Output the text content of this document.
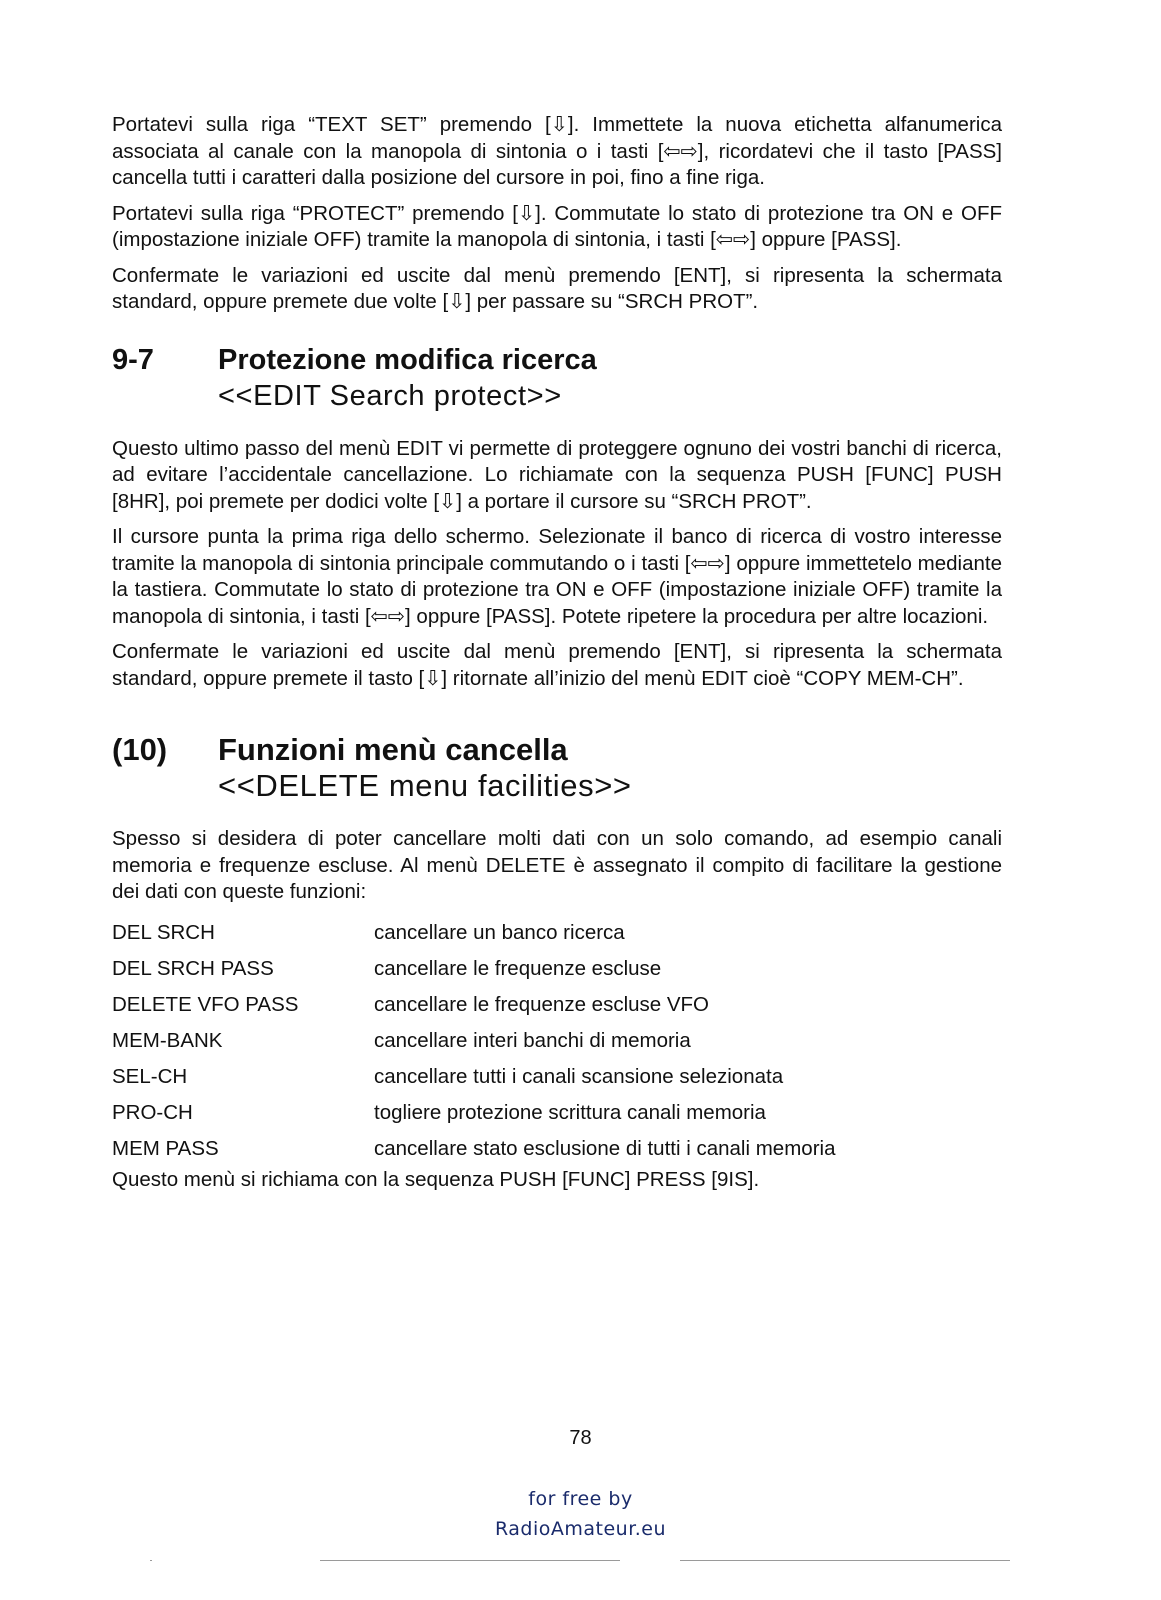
Portatevi sulla riga “TEXT SET” premendo [⇩]. Immettete la nuova etichetta alfanumerica associata al canale con la manopola di sintonia o i tasti [⇦⇨], ricordatevi che il tasto [PASS] cancella tutti i caratteri dalla posizione del cursore in poi, fino a fine riga.

Portatevi sulla riga “PROTECT” premendo [⇩]. Commutate lo stato di protezione tra ON e OFF (impostazione iniziale OFF) tramite la manopola di sintonia, i tasti [⇦⇨] oppure [PASS].

Confermate le variazioni ed uscite dal menù premendo [ENT], si ripresenta la schermata standard, oppure premete due volte [⇩] per passare su “SRCH PROT”.

9-7	Protezione modifica ricerca
<<EDIT Search protect>>

Questo ultimo passo del menù EDIT vi permette di proteggere ognuno dei vostri banchi di ricerca, ad evitare l’accidentale cancellazione. Lo richiamate con la sequenza PUSH [FUNC] PUSH [8HR], poi premete per dodici volte [⇩] a portare il cursore su “SRCH PROT”.

Il cursore punta la prima riga dello schermo. Selezionate il banco di ricerca di vostro interesse tramite la manopola di sintonia principale commutando o i tasti [⇦⇨] oppure immettetelo mediante la tastiera. Commutate lo stato di protezione tra ON e OFF (impostazione iniziale OFF) tramite la manopola di sintonia, i tasti [⇦⇨] oppure [PASS]. Potete ripetere la procedura per altre locazioni.

Confermate le variazioni ed uscite dal menù premendo [ENT], si ripresenta la schermata standard, oppure premete il tasto [⇩] ritornate all’inizio del menù EDIT cioè “COPY MEM-CH”.

(10)	Funzioni menù cancella
<<DELETE menu facilities>>

Spesso si desidera di poter cancellare molti dati con un solo comando, ad esempio canali memoria e frequenze escluse. Al menù DELETE è assegnato il compito di facilitare la gestione dei dati con queste funzioni:

DEL SRCH	cancellare un banco ricerca
DEL SRCH PASS	cancellare le frequenze escluse
DELETE VFO PASS	cancellare le frequenze escluse VFO
MEM-BANK	cancellare interi banchi di memoria
SEL-CH	cancellare tutti i canali scansione selezionata
PRO-CH	togliere protezione scrittura canali memoria
MEM PASS	cancellare stato esclusione di tutti i canali memoria

Questo menù si richiama con la sequenza PUSH [FUNC] PRESS [9IS].

78
for free by
RadioAmateur.eu
